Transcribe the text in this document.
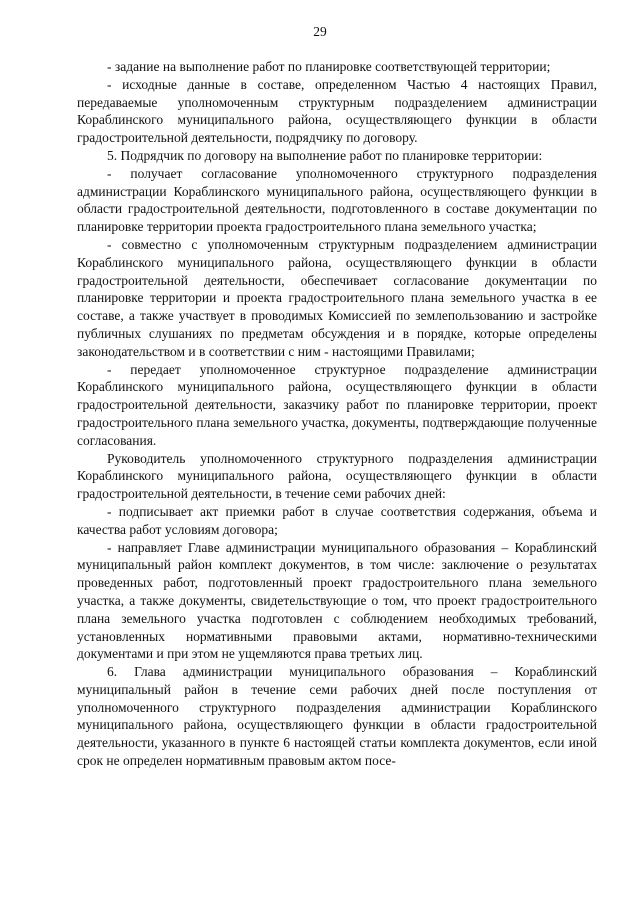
29

- задание на выполнение работ по планировке соответствующей территории;

- исходные данные в составе, определенном Частью 4 настоящих Правил, передаваемые уполномоченным структурным подразделением администрации Кораблинского муниципального района, осуществляющего функции в области градостроительной деятельности, подрядчику по договору.

5. Подрядчик по договору на выполнение работ по планировке территории:

- получает согласование уполномоченного структурного подразделения администрации Кораблинского муниципального района, осуществляющего функции в области градостроительной деятельности, подготовленного в составе документации по планировке территории проекта градостроительного плана земельного участка;

- совместно с уполномоченным структурным подразделением администрации Кораблинского муниципального района, осуществляющего функции в области градостроительной деятельности, обеспечивает согласование документации по планировке территории и проекта градостроительного плана земельного участка в ее составе, а также участвует в проводимых Комиссией по землепользованию и застройке публичных слушаниях по предметам обсуждения и в порядке, которые определены законодательством и в соответствии с ним - настоящими Правилами;

- передает уполномоченное структурное подразделение администрации Кораблинского муниципального района, осуществляющего функции в области градостроительной деятельности, заказчику работ по планировке территории, проект градостроительного плана земельного участка, документы, подтверждающие полученные согласования.

Руководитель уполномоченного структурного подразделения администрации Кораблинского муниципального района, осуществляющего функции в области градостроительной деятельности, в течение семи рабочих дней:

- подписывает акт приемки работ в случае соответствия содержания, объема и качества работ условиям договора;

- направляет Главе администрации муниципального образования – Кораблинский муниципальный район комплект документов, в том числе: заключение о результатах проведенных работ, подготовленный проект градостроительного плана земельного участка, а также документы, свидетельствующие о том, что проект градостроительного плана земельного участка подготовлен с соблюдением необходимых требований, установленных нормативными правовыми актами, нормативно-техническими документами и при этом не ущемляются права третьих лиц.

6. Глава администрации муниципального образования – Кораблинский муниципальный район в течение семи рабочих дней после поступления от уполномоченного структурного подразделения администрации Кораблинского муниципального района, осуществляющего функции в области градостроительной деятельности, указанного в пункте 6 настоящей статьи комплекта документов, если иной срок не определен нормативным правовым актом посе-
